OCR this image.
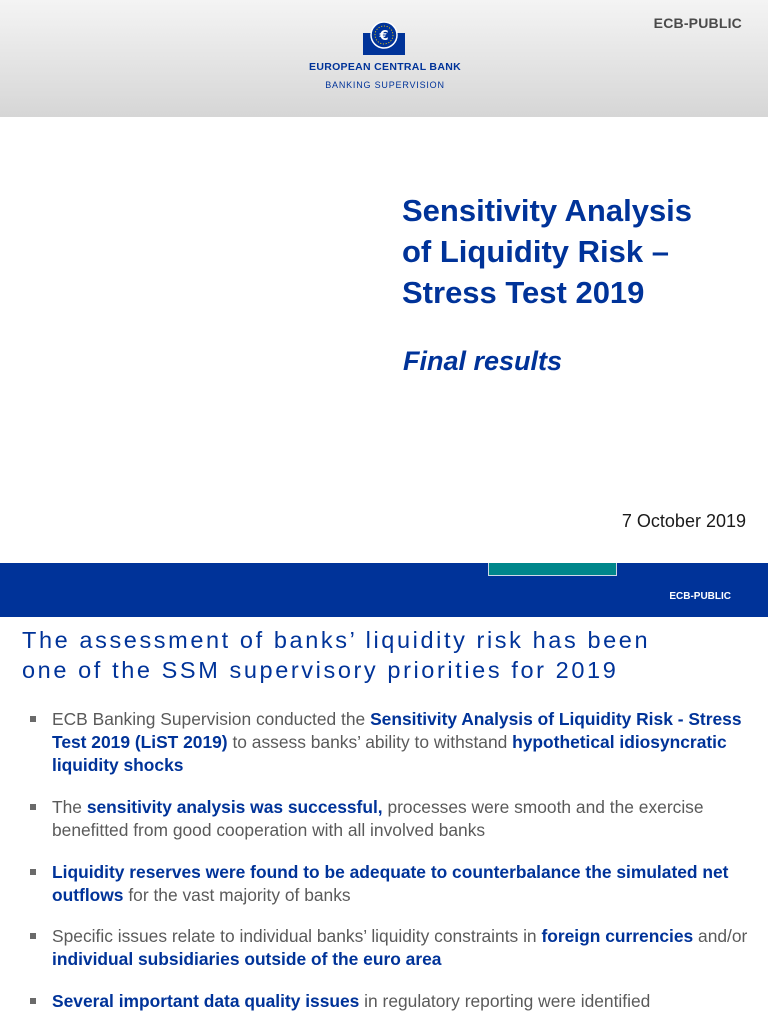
ECB-PUBLIC
€
EUROPEAN CENTRAL BANK
BANKING SUPERVISION
Sensitivity Analysis
of Liquidity Risk –
Stress Test 2019
Final results
7 October 2019
ECB-PUBLIC
The assessment of banks’ liquidity risk has been
one of the SSM supervisory priorities for 2019
ECB Banking Supervision conducted the Sensitivity Analysis of Liquidity Risk - Stress Test 2019 (LiST 2019) to assess banks’ ability to withstand hypothetical idiosyncratic liquidity shocks
The sensitivity analysis was successful, processes were smooth and the exercise benefitted from good cooperation with all involved banks
Liquidity reserves were found to be adequate to counterbalance the simulated net outflows for the vast majority of banks
Specific issues relate to individual banks’ liquidity constraints in foreign currencies and/or individual subsidiaries outside of the euro area
Several important data quality issues in regulatory reporting were identified
